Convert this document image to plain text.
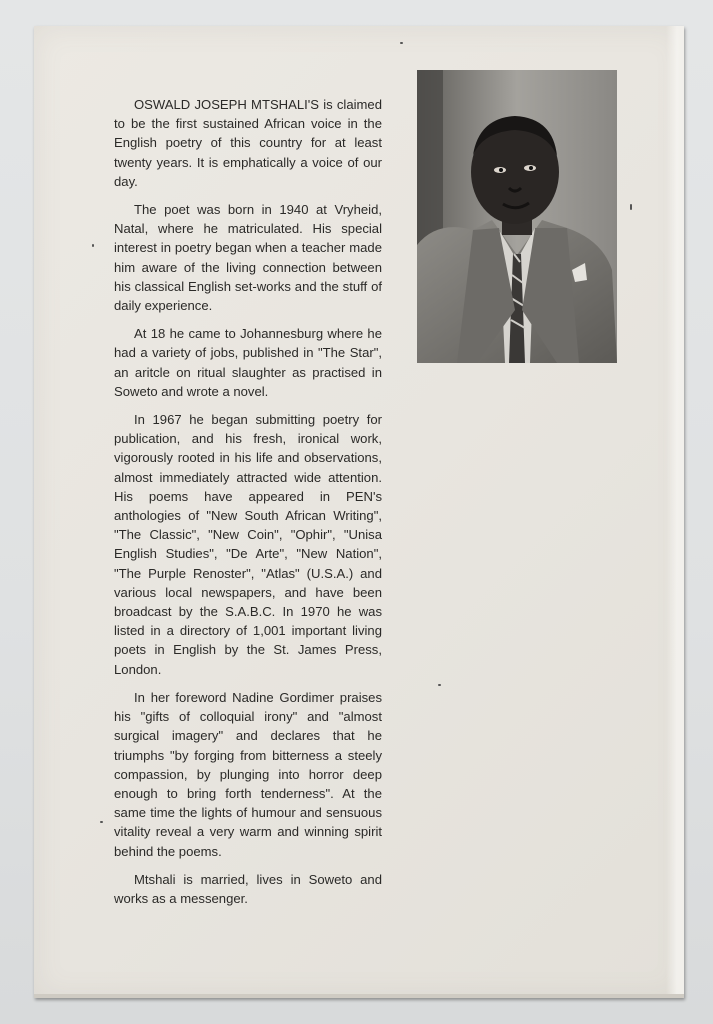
OSWALD JOSEPH MTSHALI'S is claimed to be the first sustained African voice in the English poetry of this country for at least twenty years. It is emphatically a voice of our day.

The poet was born in 1940 at Vryheid, Natal, where he matriculated. His special interest in poetry began when a teacher made him aware of the living connection between his classical English set-works and the stuff of daily experience.

At 18 he came to Johannesburg where he had a variety of jobs, published in "The Star", an aritcle on ritual slaughter as practised in Soweto and wrote a novel.

In 1967 he began submitting poetry for publication, and his fresh, ironical work, vigorously rooted in his life and observations, almost immediately attracted wide attention. His poems have appeared in PEN's anthologies of "New South African Writing", "The Classic", "New Coin", "Ophir", "Unisa English Studies", "De Arte", "New Nation", "The Purple Renoster", "Atlas" (U.S.A.) and various local newspapers, and have been broadcast by the S.A.B.C. In 1970 he was listed in a directory of 1,001 important living poets in English by the St. James Press, London.

In her foreword Nadine Gordimer praises his "gifts of colloquial irony" and "almost surgical imagery" and declares that he triumphs "by forging from bitterness a steely compassion, by plunging into horror deep enough to bring forth tenderness". At the same time the lights of humour and sensuous vitality reveal a very warm and winning spirit behind the poems.

Mtshali is married, lives in Soweto and works as a messenger.
